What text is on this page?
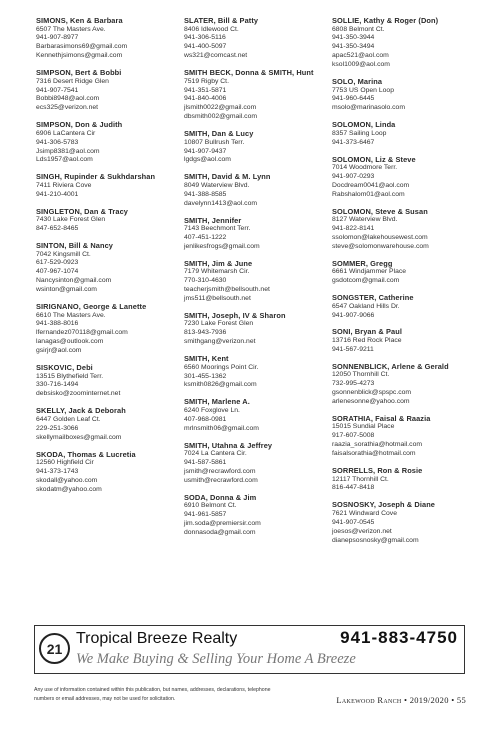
SIMONS, Ken & Barbara
6507 The Masters Ave.
941-907-8977
Barbarasimons69@gmail.com
Kennethjsimons@gmail.com
SIMPSON, Bert & Bobbi
7316 Desert Ridge Glen
941-907-7541
Bobbi8948@aol.com
ecs325@verizon.net
SIMPSON, Don & Judith
6906 LaCantera Cir
941-306-5783
Jsimp8381@aol.com
Lds1957@aol.com
SINGH, Rupinder & Sukhdarshan
7411 Riviera Cove
941-210-4001
SINGLETON, Dan & Tracy
7430 Lake Forest Glen
847-652-8465
SINTON, Bill & Nancy
7042 Kingsmill Ct.
617-529-0923
407-967-1074
Nancysinton@gmail.com
wsinton@gmail.com
SIRIGNANO, George & Lanette
6610 The Masters Ave.
941-388-8016
lfernandez070118@gmail.com
lanagas@outlook.com
gsirjr@aol.com
SISKOVIC, Debi
13515 Blythefield Terr.
330-716-1494
debsisko@zoominternet.net
SKELLY, Jack & Deborah
6447 Golden Leaf Ct.
229-251-3066
skellymailboxes@gmail.com
SKODA, Thomas & Lucretia
12560 Highfield Cir
941-373-1743
skodall@yahoo.com
skodatm@yahoo.com
SLATER, Bill & Patty
8406 Idlewood Ct.
941-306-5116
941-400-5097
ws321@comcast.net
SMITH BECK, Donna & SMITH, Hunt
7519 Rigby Ct.
941-351-5871
941-840-4006
jlsmith0022@gmail.com
dbsmith002@gmail.com
SMITH, Dan & Lucy
10807 Bullrush Terr.
941-907-9437
lgdgs@aol.com
SMITH, David & M. Lynn
8049 Waterview Blvd.
941-388-8585
davelynn1413@aol.com
SMITH, Jennifer
7143 Beechmont Terr.
407-451-1222
jenlikesfrogs@gmail.com
SMITH, Jim & June
7179 Whitemarsh Cir.
770-310-4630
teacherjsmith@bellsouth.net
jms511@bellsouth.net
SMITH, Joseph, IV & Sharon
7230 Lake Forest Glen
813-943-7936
smithgang@verizon.net
SMITH, Kent
6560 Moorings Point Cir.
301-455-1362
ksmith0826@gmail.com
SMITH, Marlene A.
6240 Foxglove Ln.
407-968-0981
mrlnsmith06@gmail.com
SMITH, Utahna & Jeffrey
7024 La Cantera Cir.
941-587-5861
jsmith@recrawford.com
usmith@recrawford.com
SODA, Donna & Jim
6910 Belmont Ct.
941-961-5857
jim.soda@premiersir.com
donnasoda@gmail.com
SOLLIE, Kathy & Roger (Don)
6808 Belmont Ct.
941-350-3944
941-350-3494
apac521@aol.com
ksol1009@aol.com
SOLO, Marina
7753 US Open Loop
941-960-6445
msolo@marinasolo.com
SOLOMON, Linda
8357 Sailing Loop
941-373-6467
SOLOMON, Liz & Steve
7014 Woodmore Terr.
941-907-0293
Docdream0041@aol.com
Rabshalom01@aol.com
SOLOMON, Steve & Susan
8127 Waterview Blvd.
941-822-8141
ssolomon@lakehousewest.com
steve@solomonwarehouse.com
SOMMER, Gregg
6661 Windjammer Place
gsdotcom@gmail.com
SONGSTER, Catherine
6547 Oakland Hills Dr.
941-907-9066
SONI, Bryan & Paul
13716 Red Rock Place
941-567-9211
SONNENBLICK, Arlene & Gerald
12050 Thornhill Ct.
732-995-4273
gsonnenblick@spspc.com
arlenesonne@yahoo.com
SORATHIA, Faisal & Raazia
15015 Sundial Place
917-607-5008
raazia_sorathia@hotmail.com
faisalsorathia@hotmail.com
SORRELLS, Ron & Rosie
12117 Thornhill Ct.
816-447-8418
SOSNOSKY, Joseph & Diane
7621 Windward Cove
941-907-0545
joesos@verizon.net
dianepsosnosky@gmail.com
21
Tropical Breeze Realty	941-883-4750
We Make Buying & Selling Your Home A Breeze
Any use of information contained within this publication, but names, addresses, declarations, telephone numbers or email addresses, may not be used for solicitation.	Lakewood Ranch • 2019/2020 • 55
